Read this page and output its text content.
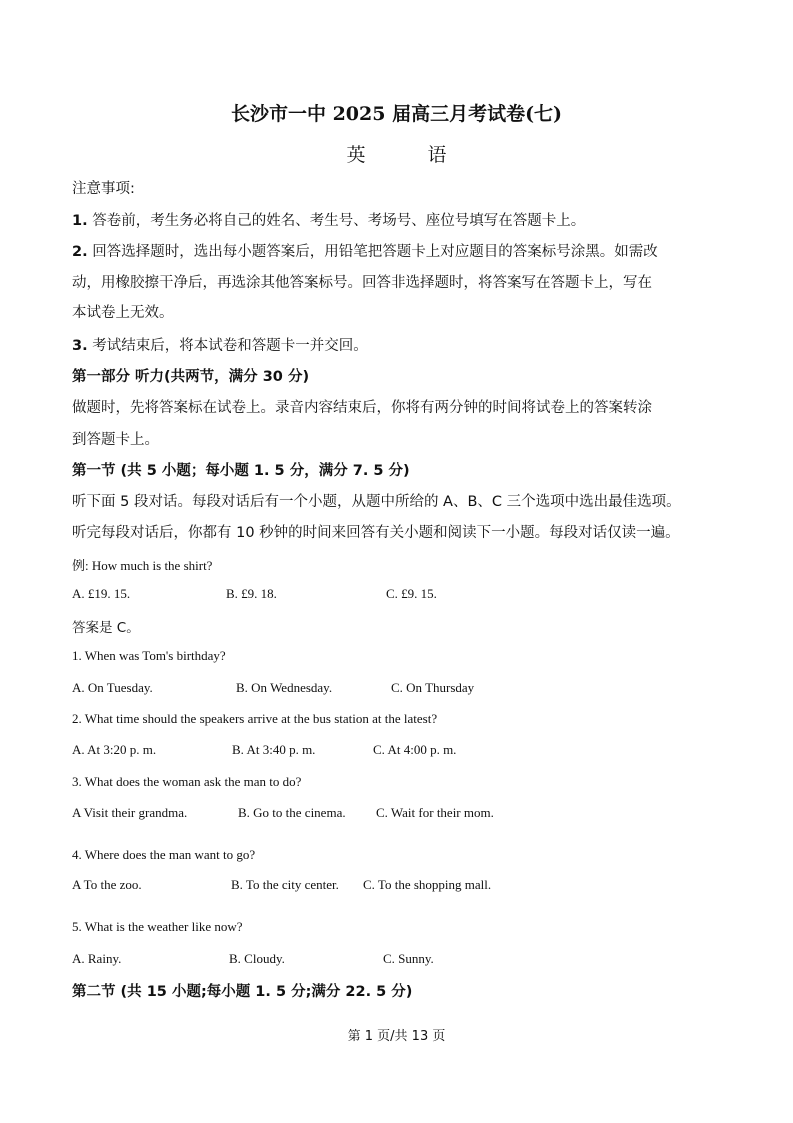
长沙市一中 2025 届高三月考试卷(七)
英 语
注意事项:
1. 答卷前，考生务必将自己的姓名、考生号、考场号、座位号填写在答题卡上。
2. 回答选择题时，选出每小题答案后，用铅笔把答题卡上对应题目的答案标号涂黑。如需改
动，用橡胶擦干净后，再选涂其他答案标号。回答非选择题时，将答案写在答题卡上，写在
本试卷上无效。
3. 考试结束后，将本试卷和答题卡一并交回。
第一部分 听力(共两节，满分 30 分)
做题时，先将答案标在试卷上。录音内容结束后，你将有两分钟的时间将试卷上的答案转涂
到答题卡上。
第一节 (共 5 小题；每小题 1. 5 分，满分 7. 5 分)
听下面 5 段对话。每段对话后有一个小题，从题中所给的 A、B、C 三个选项中选出最佳选项。
听完每段对话后，你都有 10 秒钟的时间来回答有关小题和阅读下一小题。每段对话仅读一遍。
例: How much is the shirt?
A. £19. 15.	B. £9. 18.	C. £9. 15.
答案是 C。
1. When was Tom's birthday?
A. On Tuesday.	B. On Wednesday.	C. On Thursday
2. What time should the speakers arrive at the bus station at the latest?
A. At 3:20 p. m.	B. At 3:40 p. m.	C. At 4:00 p. m.
3. What does the woman ask the man to do?
A Visit their grandma.	B. Go to the cinema. C. Wait for their mom.
4. Where does the man want to go?
A To the zoo.	B. To the city center. C. To the shopping mall.
5. What is the weather like now?
A. Rainy.	B. Cloudy.	C. Sunny.
第二节 (共 15 小题;每小题 1. 5 分;满分 22. 5 分)
第 1 页/共 13 页
